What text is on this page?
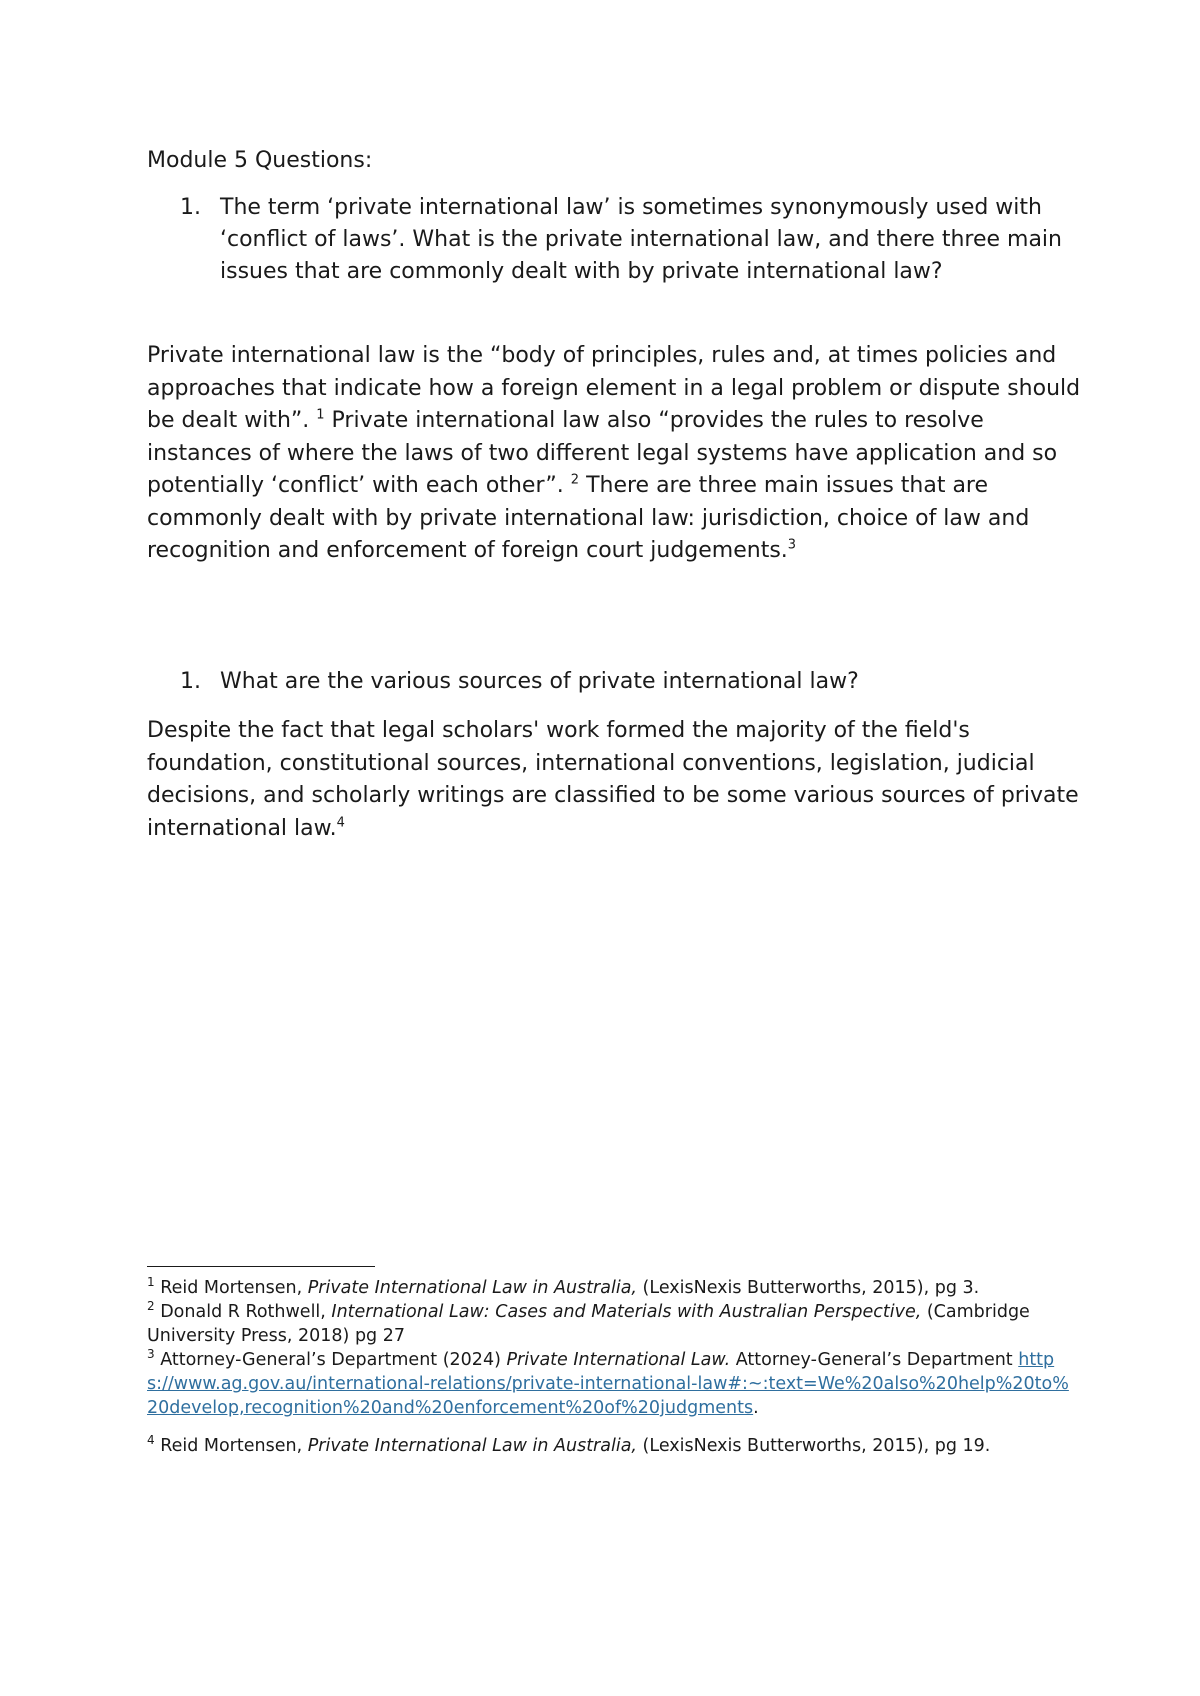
Module 5 Questions:

1. The term ‘private international law’ is sometimes synonymously used with ‘conflict of laws’. What is the private international law, and there three main issues that are commonly dealt with by private international law?

Private international law is the “body of principles, rules and, at times policies and approaches that indicate how a foreign element in a legal problem or dispute should be dealt with”. $^1$ Private international law also “provides the rules to resolve instances of where the laws of two different legal systems have application and so potentially ‘conflict’ with each other”. $^2$ There are three main issues that are commonly dealt with by private international law: jurisdiction, choice of law and recognition and enforcement of foreign court judgements.$^3$

1. What are the various sources of private international law?

Despite the fact that legal scholars' work formed the majority of the field's foundation, constitutional sources, international conventions, legislation, judicial decisions, and scholarly writings are classified to be some various sources of private international law.$^4$

$^1$ Reid Mortensen, Private International Law in Australia, (LexisNexis Butterworths, 2015), pg 3.

$^2$ Donald R Rothwell, International Law: Cases and Materials with Australian Perspective, (Cambridge University Press, 2018) pg 27

$^3$ Attorney-General’s Department (2024) Private International Law. Attorney-General’s Department https://www.ag.gov.au/international-relations/private-international-law#:~:text=We%20also%20help%20to%20develop,recognition%20and%20enforcement%20of%20judgments.

$^4$ Reid Mortensen, Private International Law in Australia, (LexisNexis Butterworths, 2015), pg 19.
